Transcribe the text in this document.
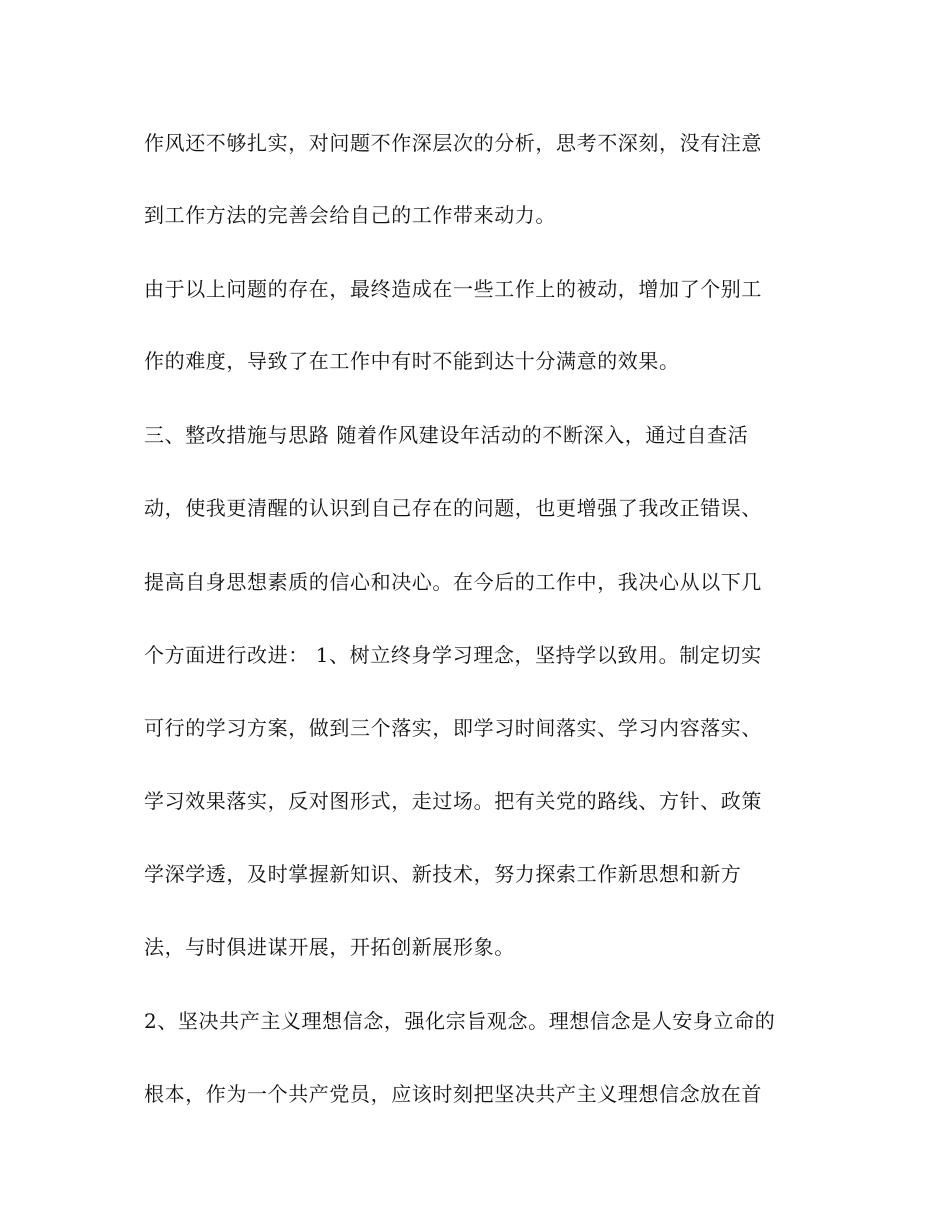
作风还不够扎实，对问题不作深层次的分析，思考不深刻，没有注意
到工作方法的完善会给自己的工作带来动力。
由于以上问题的存在，最终造成在一些工作上的被动，增加了个别工
作的难度，导致了在工作中有时不能到达十分满意的效果。
三、整改措施与思路 随着作风建设年活动的不断深入，通过自查活
动，使我更清醒的认识到自己存在的问题，也更增强了我改正错误、
提高自身思想素质的信心和决心。在今后的工作中，我决心从以下几
个方面进行改进： 1、树立终身学习理念，坚持学以致用。制定切实
可行的学习方案，做到三个落实，即学习时间落实、学习内容落实、
学习效果落实，反对图形式，走过场。把有关党的路线、方针、政策
学深学透，及时掌握新知识、新技术，努力探索工作新思想和新方
法，与时俱进谋开展，开拓创新展形象。
2、坚决共产主义理想信念，强化宗旨观念。理想信念是人安身立命的
根本，作为一个共产党员，应该时刻把坚决共产主义理想信念放在首
